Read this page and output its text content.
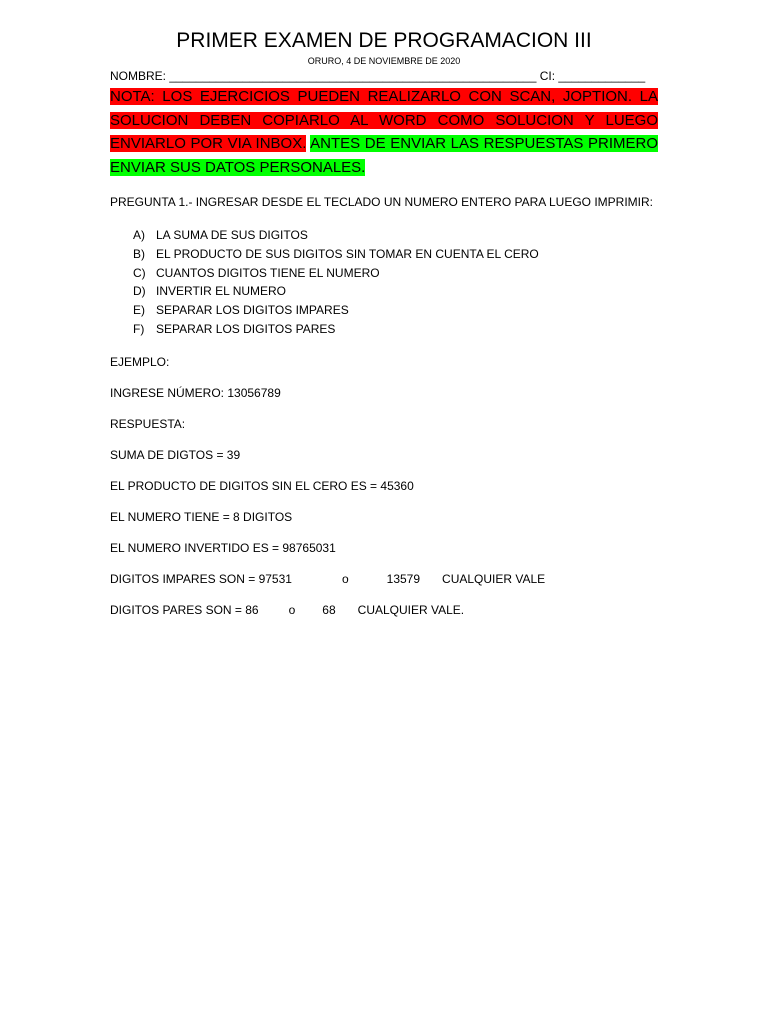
PRIMER EXAMEN DE PROGRAMACION III
ORURO, 4 DE NOVIEMBRE DE 2020
NOMBRE: _______________________________________________________ CI: _____________
NOTA: LOS EJERCICIOS PUEDEN REALIZARLO CON SCAN, JOPTION. LA SOLUCION DEBEN COPIARLO AL WORD COMO SOLUCION Y LUEGO ENVIARLO POR VIA INBOX. ANTES DE ENVIAR LAS RESPUESTAS PRIMERO ENVIAR SUS DATOS PERSONALES.

PREGUNTA 1.- INGRESAR DESDE EL TECLADO UN NUMERO ENTERO PARA LUEGO IMPRIMIR:

A) LA SUMA DE SUS DIGITOS
B) EL PRODUCTO DE SUS DIGITOS SIN TOMAR EN CUENTA EL CERO
C) CUANTOS DIGITOS TIENE EL NUMERO
D) INVERTIR EL NUMERO
E) SEPARAR LOS DIGITOS IMPARES
F) SEPARAR LOS DIGITOS PARES

EJEMPLO:

INGRESE NÚMERO: 13056789

RESPUESTA:

SUMA DE DIGTOS = 39

EL PRODUCTO DE DIGITOS SIN EL CERO ES = 45360

EL NUMERO TIENE = 8 DIGITOS

EL NUMERO INVERTIDO ES = 98765031

DIGITOS IMPARES SON = 97531	o	13579 CUALQUIER VALE

DIGITOS PARES SON = 86	o 68 CUALQUIER VALE.
